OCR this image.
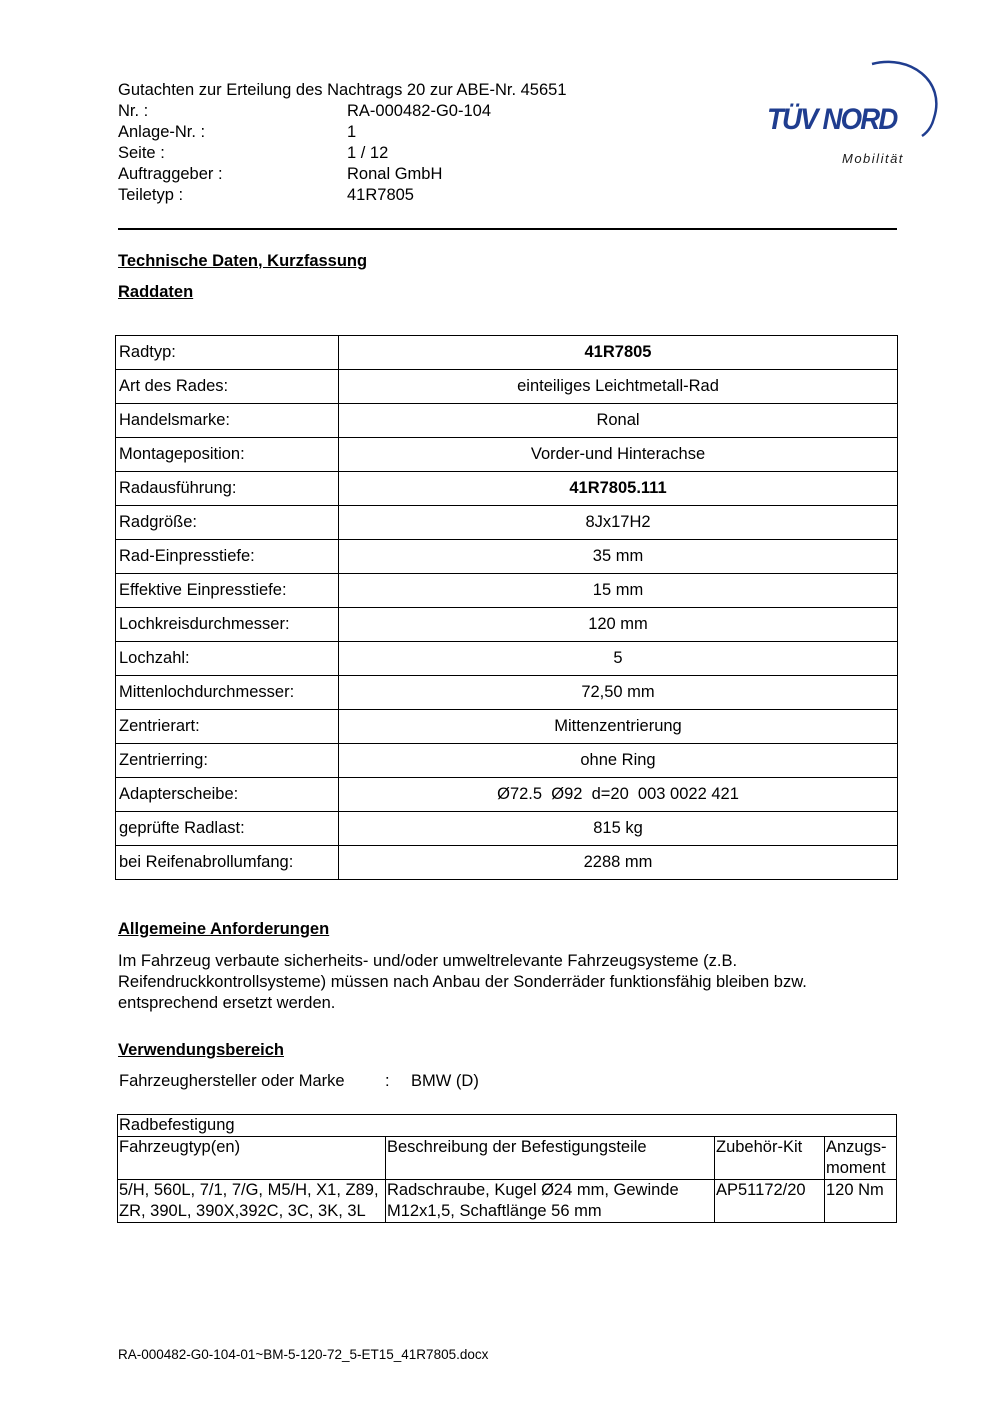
Gutachten zur Erteilung des Nachtrags 20 zur ABE-Nr. 45651
Nr. :	RA-000482-G0-104
Anlage-Nr. :	1
Seite :	1 / 12
Auftraggeber :	Ronal GmbH
Teiletyp :	41R7805
TÜV NORD
Mobilität
Technische Daten, Kurzfassung
Raddaten
Radtyp:	41R7805
Art des Rades:	einteiliges Leichtmetall-Rad
Handelsmarke:	Ronal
Montageposition:	Vorder-und Hinterachse
Radausführung:	41R7805.111
Radgröße:	8Jx17H2
Rad-Einpresstiefe:	35 mm
Effektive Einpresstiefe:	15 mm
Lochkreisdurchmesser:	120 mm
Lochzahl:	5
Mittenlochdurchmesser:	72,50 mm
Zentrierart:	Mittenzentrierung
Zentrierring:	ohne Ring
Adapterscheibe:	Ø72.5  Ø92  d=20  003 0022 421
geprüfte Radlast:	815 kg
bei Reifenabrollumfang:	2288 mm
Allgemeine Anforderungen
Im Fahrzeug verbaute sicherheits- und/oder umweltrelevante Fahrzeugsysteme (z.B. Reifendruckkontrollsysteme) müssen nach Anbau der Sonderräder funktionsfähig bleiben bzw. entsprechend ersetzt werden.
Verwendungsbereich
Fahrzeughersteller oder Marke : BMW (D)
Radbefestigung			
Fahrzeugtyp(en)	Beschreibung der Befestigungsteile	Zubehör-Kit	Anzugs-moment
5/H, 560L, 7/1, 7/G, M5/H, X1, Z89, ZR, 390L, 390X,392C, 3C, 3K, 3L	Radschraube, Kugel Ø24 mm, Gewinde M12x1,5, Schaftlänge 56 mm	AP51172/20	120 Nm
RA-000482-G0-104-01~BM-5-120-72_5-ET15_41R7805.docx
